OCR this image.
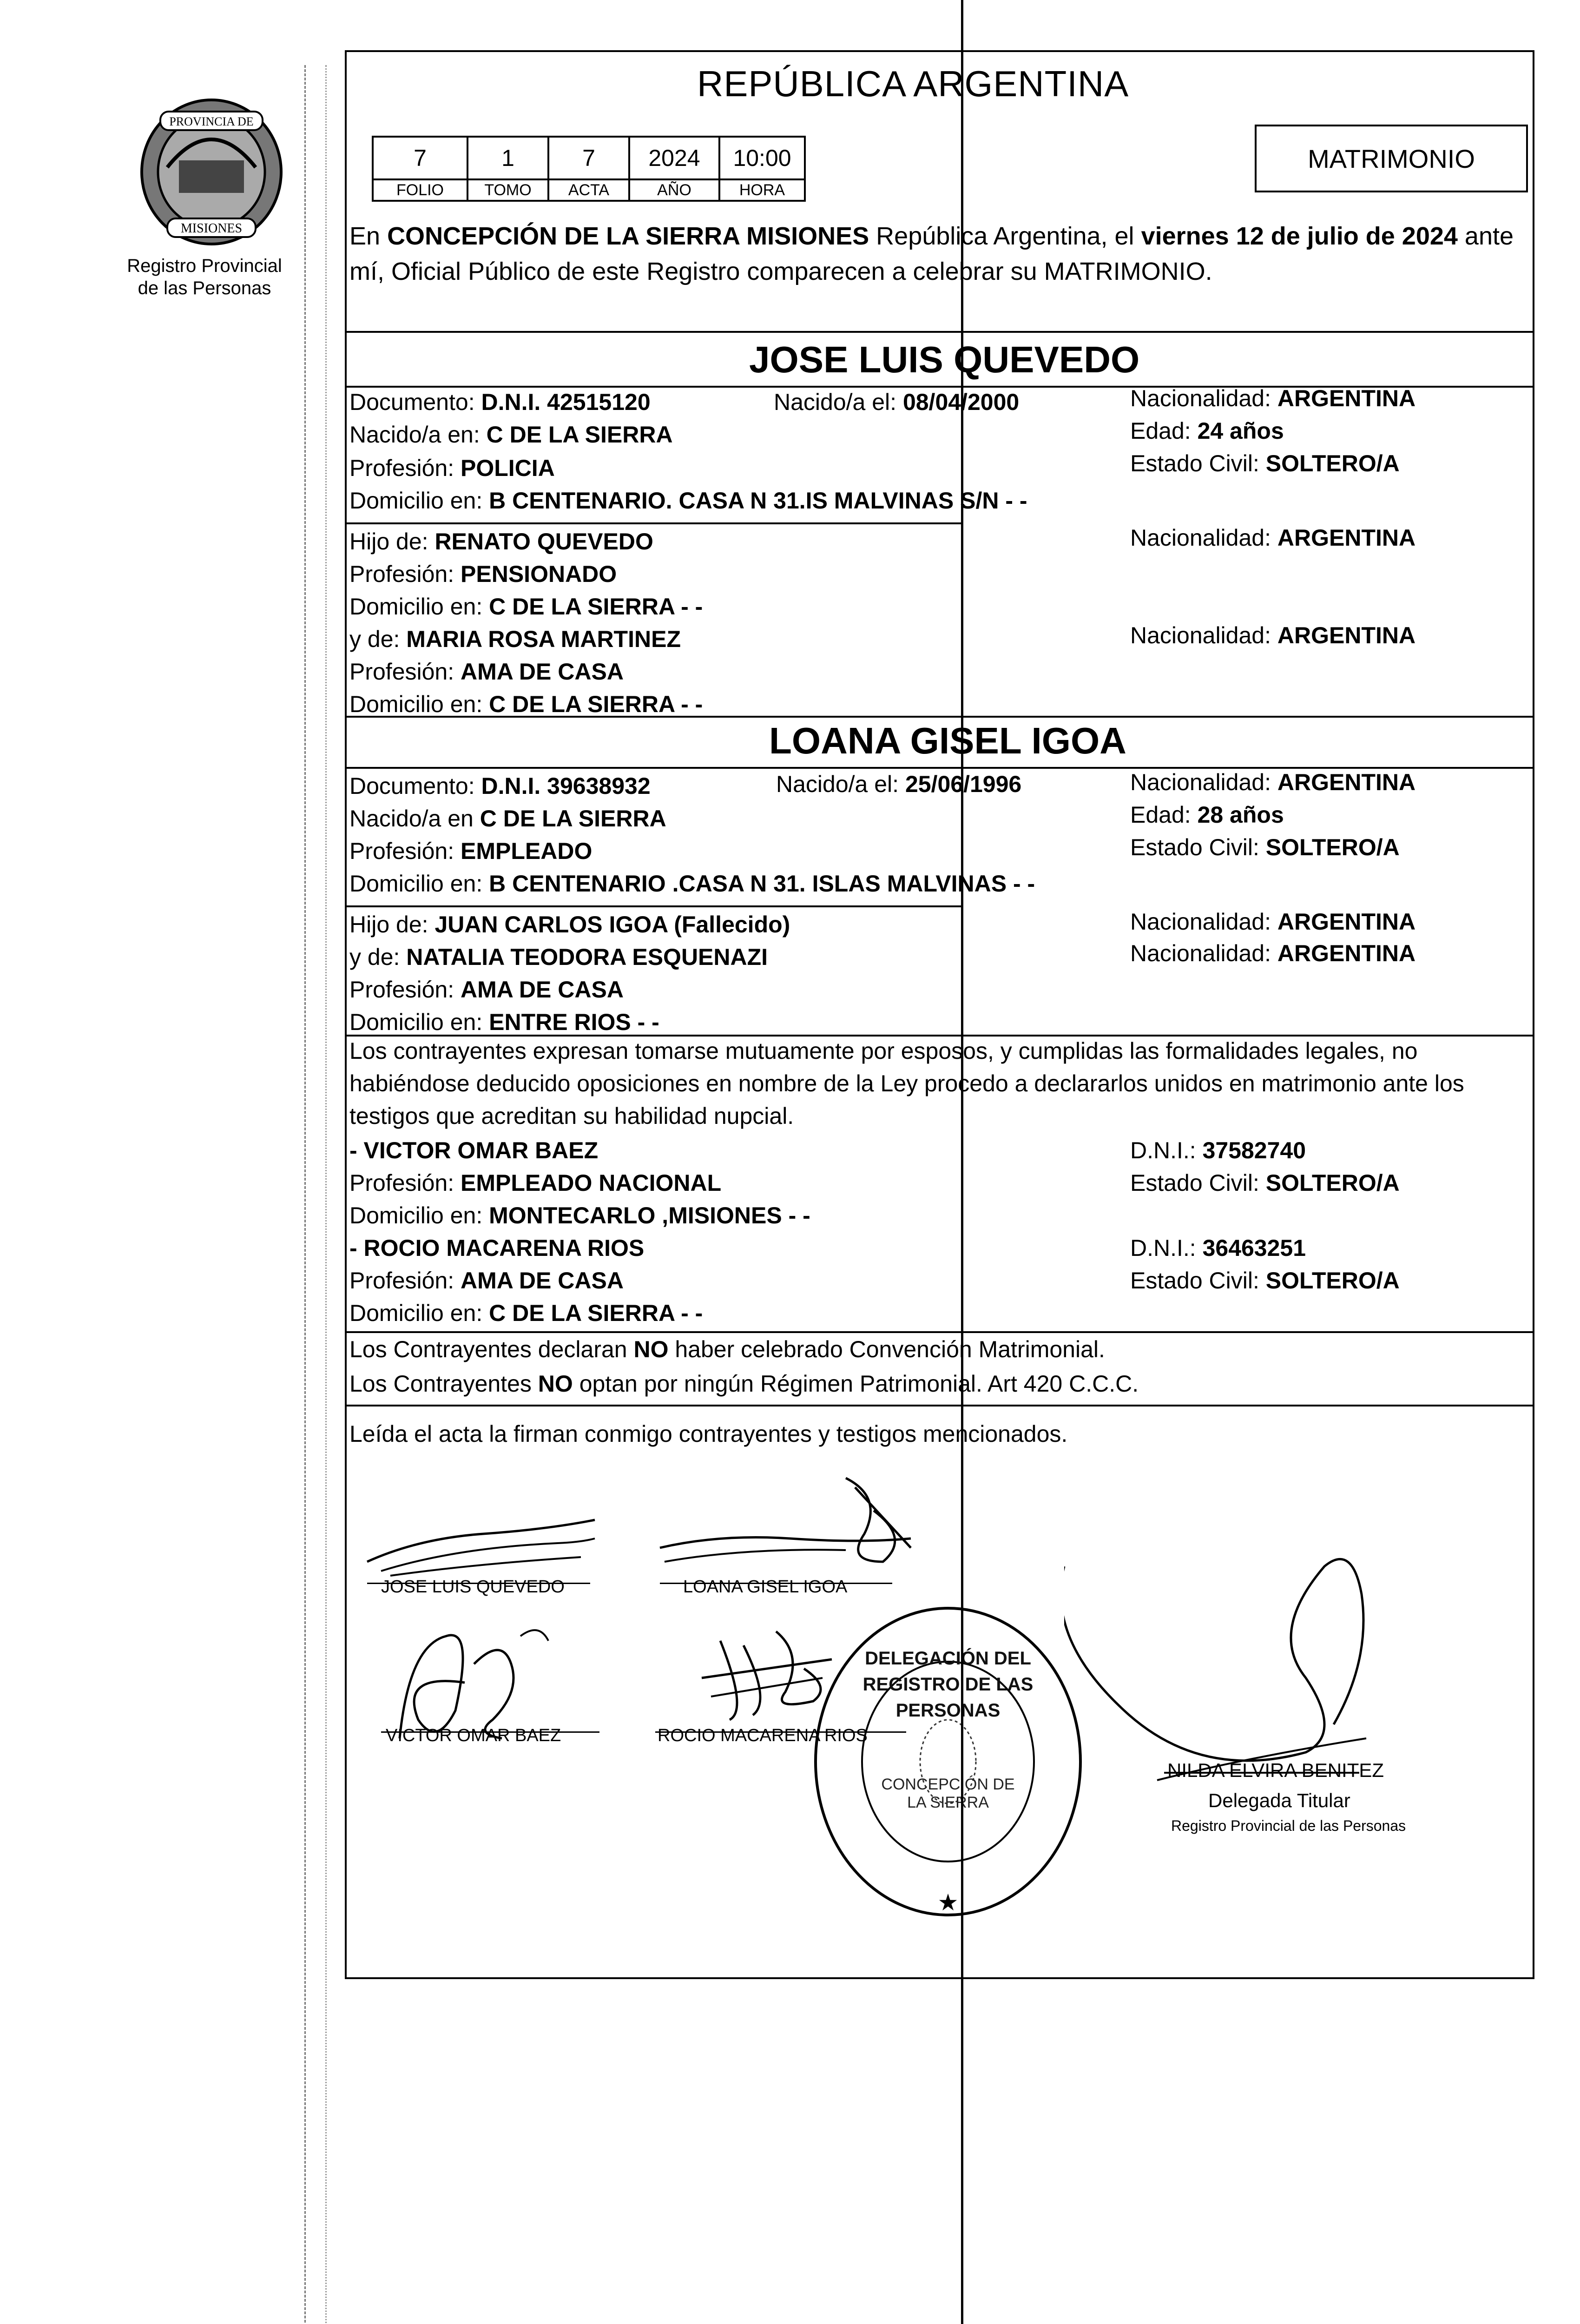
PROVINCIA DE
MISIONES
Registro Provincial
de las Personas
REPÚBLICA ARGENTINA
7	1	7	2024	10:00
FOLIO	TOMO	ACTA	AÑO	HORA
MATRIMONIO
En CONCEPCIÓN DE LA SIERRA MISIONES República Argentina, el viernes 12 de julio de 2024 ante mí, Oficial Público de este Registro comparecen a celebrar su MATRIMONIO.
JOSE LUIS QUEVEDO
Documento: D.N.I. 42515120	Nacido/a el: 08/04/2000	Nacionalidad: ARGENTINA
Nacido/a en: C DE LA SIERRA	Edad: 24 años
Profesión: POLICIA	Estado Civil: SOLTERO/A
Domicilio en: B CENTENARIO. CASA N 31.IS MALVINAS S/N - -
Hijo de: RENATO QUEVEDO	Nacionalidad: ARGENTINA
Profesión: PENSIONADO
Domicilio en: C DE LA SIERRA - -
y de: MARIA ROSA MARTINEZ	Nacionalidad: ARGENTINA
Profesión: AMA DE CASA
Domicilio en: C DE LA SIERRA - -
LOANA GISEL IGOA
Documento: D.N.I. 39638932	Nacido/a el: 25/06/1996	Nacionalidad: ARGENTINA
Nacido/a en C DE LA SIERRA	Edad: 28 años
Profesión: EMPLEADO	Estado Civil: SOLTERO/A
Domicilio en: B CENTENARIO .CASA N 31. ISLAS MALVINAS - -
Hijo de: JUAN CARLOS IGOA (Fallecido)	Nacionalidad: ARGENTINA
y de: NATALIA TEODORA ESQUENAZI	Nacionalidad: ARGENTINA
Profesión: AMA DE CASA
Domicilio en: ENTRE RIOS - -
Los contrayentes expresan tomarse mutuamente por esposos, y cumplidas las formalidades legales, no habiéndose deducido oposiciones en nombre de la Ley procedo a declararlos unidos en matrimonio ante los testigos que acreditan su habilidad nupcial.
- VICTOR OMAR BAEZ	D.N.I.: 37582740
Profesión: EMPLEADO NACIONAL	Estado Civil: SOLTERO/A
Domicilio en: MONTECARLO ,MISIONES - -
- ROCIO MACARENA RIOS	D.N.I.: 36463251
Profesión: AMA DE CASA	Estado Civil: SOLTERO/A
Domicilio en: C DE LA SIERRA - -
Los Contrayentes declaran NO haber celebrado Convención Matrimonial.
Los Contrayentes NO optan por ningún Régimen Patrimonial. Art 420 C.C.C.
Leída el acta la firman conmigo contrayentes y testigos mencionados.
JOSE LUIS QUEVEDO	LOANA GISEL IGOA
VICTOR OMAR BAEZ	ROCIO MACARENA RIOS
★
DELEGACIÓN DEL REGISTRO DE LAS PERSONAS
CONCEPCIÓN DE LA SIERRA
NILDA ELVIRA BENITEZ
Delegada Titular
Registro Provincial de las Personas
